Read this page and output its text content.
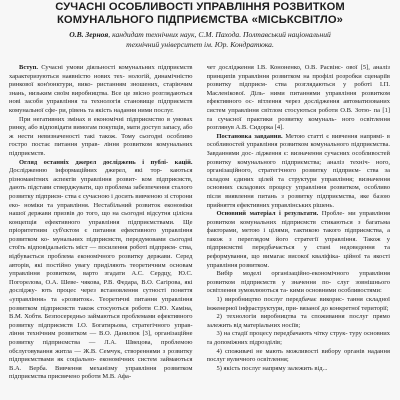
СУЧАСНІ ОСОБЛИВОСТІ УПРАВЛІННЯ РОЗВИТКОМ
КОМУНАЛЬНОГО ПІДПРИЄМСТВА «МІСЬКСВІТЛО»
О.В. Зерноя, кандидат технічних наук, С.М. Пахода. Полтавський національний
технічний університет ім. Юр. Кондратюка.

Вступ. Сучасні умови діяльності комунальних підприємств характеризуються наявністю нових тех- нологій, динамічністю ринкової кон'юнктури, вико- ристанням зношених, старіючим знань, низьким своїм виробництва. Все це звісно розглядаються нові засоби управління та технологія становище підприємств комунальної сфе- ри, рівень та якість надання ними послуг.

При негативних змінах в економічні підприємство в умовах ринку, або відповідати вимогам покупців, мати доступ запасу, або ж нести невизначеності такі також. Тому сьогодні особливо гостро постає питання управ- ління розвитком комунальних підприємств.

Огляд останніх джерел досліджень і публі- кацій. Дослідженню інформаційних джерел, які тор- каються різноманітних аспектів управління розвит- ком підприємств, дають підстави стверджувати, що проблема забезпечення сталого розвитку підприєм- ства є сучасною і досить вивченою зі сторони еко- номіки та управління. Нестабільний розвиток економіки нашої держави призвів до того, що на сьогодні відсутня цілісна концепція ефективного управління підприємствами. Ще пріоритетним суб'єктом є питання ефективного управління розвитком ко- мунальних підприємств, передумовами сьогодні стоїть відповідальність міст — посилення роботі підприєм- ства, відбувається проблема економічного розвитку держави. Серед авторів, які постійно увагу приділяють теоретичним основам управління розвитком, варто згадати А.С. Сердцу, Ю.С. Погорелова, О.А. Шеве- чякова, Р.В. Федара, В.О. Сагірова, які досліджу- ють процес через встановлення сутності поняття «управління» та «розвиток». Теоретичні питання управління розвитком підприємств також стосуються роботи С.Ю. Хаміна, В.М. Хобтя. Безпосередньо займаються проблемами ефективного розвитку підприємств І.О. Богатирьова, стратегічного управ- ління технічним розвитком — В.О. Данилюк [3], організаційне розвитку підприємства — Л.А. Швецова, проблемою обслуговування житла — Ж.В. Семчук, створеннями з розвитку підприємствами як соціально- економічних систем займаються В.А. Верба. Вивчення механізму управління розвитком підприємства присвячено роботи М.В. Афа-

чет дослідження І.В. Кононенко, О.В. Расвінс- ової [5], аналіз принципів управління розвитком на профілі розробки сценаріїв розвитку підприєм- ства розглядаються у роботі І.П. Масленікової. Діль- ними питаннями управління розвитком ефективного ос- вітлення через дослідження автоматизованих систем управління світлом стосуються роботи О.В. Зотю- па [1] та сучасної практики розвитку комуналь- ного освітлення розглянув А.В. Сидорка [4].

Постановка завдання. Метою статті є вивчення напрямі- в особливостей управління розвитком комунального підприємства. Завданнями дос- лідження є: визначення сучасних особливостей розвитку комунального підприємства; аналіз техніч- ного, організаційного, стратегічного розвитку підприєм- ства за складом єдиних цілей та структури управління; визначення основних складових процесу управління розвитком, особливо після виявлення питань з розвитку підприємства, яке базою прийняття ефективних управлінських рішень.

Основний матеріал і результати. Пробле- ми управління розвитком комунальних підприємств стикаються з багатьма факторами, метою і цілями, тактикою такого підприємства, а також з переглядом його стратегії управління. Також у підприємстві передбачається у стані недоведення та реформування, що вимагає високої кваліфіка- ційної та якості управління розвитком.

Вибір моделі організаційно-економічного управління розвитком підприємств у значення по- слуг зовнішнього освітлення зумовлюються та- кими основними особливостями:

1) виробництво послуг передбачає викорис- тання складної інженерної інфраструктури, при- вязаної до конкретної території;

2) технологія виробництва та споживання послуг прямо залежить від матеріальних носіїв;

3) на стадії процесу передбачають чітку струк- туру основних та допоміжних підрозділів;

4) споживачі не мають можливості вибору органів надання послуг вуличного освітлення;

5) якість послуг напряму залежить від...
